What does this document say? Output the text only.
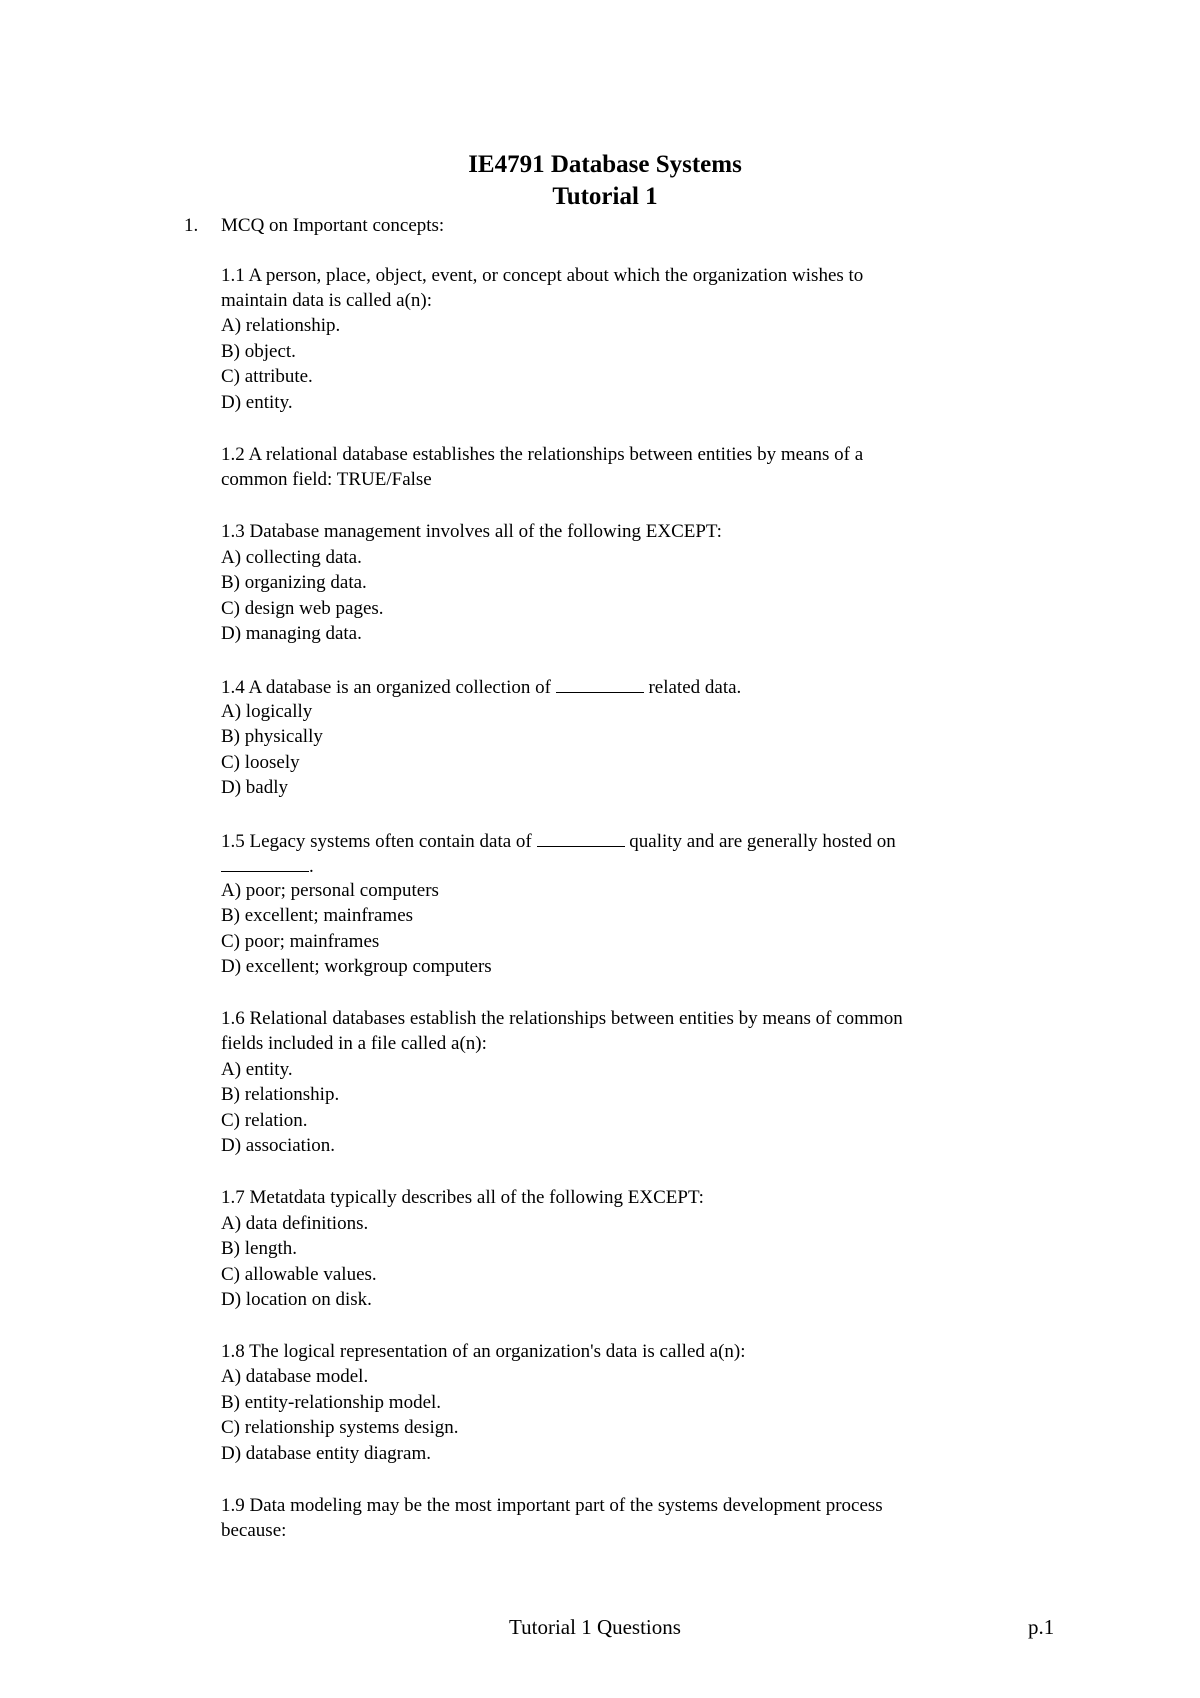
IE4791 Database Systems
Tutorial 1
1. MCQ on Important concepts:
1.1 A person, place, object, event, or concept about which the organization wishes to
maintain data is called a(n):
A) relationship.
B) object.
C) attribute.
D) entity.
1.2 A relational database establishes the relationships between entities by means of a
common field: TRUE/False
1.3 Database management involves all of the following EXCEPT:
A) collecting data.
B) organizing data.
C) design web pages.
D) managing data.
1.4 A database is an organized collection of	related data.
A) logically
B) physically
C) loosely
D) badly
1.5 Legacy systems often contain data of	quality and are generally hosted on
.
A) poor; personal computers
B) excellent; mainframes
C) poor; mainframes
D) excellent; workgroup computers
1.6 Relational databases establish the relationships between entities by means of common
fields included in a file called a(n):
A) entity.
B) relationship.
C) relation.
D) association.
1.7 Metatdata typically describes all of the following EXCEPT:
A) data definitions.
B) length.
C) allowable values.
D) location on disk.
1.8 The logical representation of an organization's data is called a(n):
A) database model.
B) entity-relationship model.
C) relationship systems design.
D) database entity diagram.
1.9 Data modeling may be the most important part of the systems development process
because:
Tutorial 1 Questions	p.1
